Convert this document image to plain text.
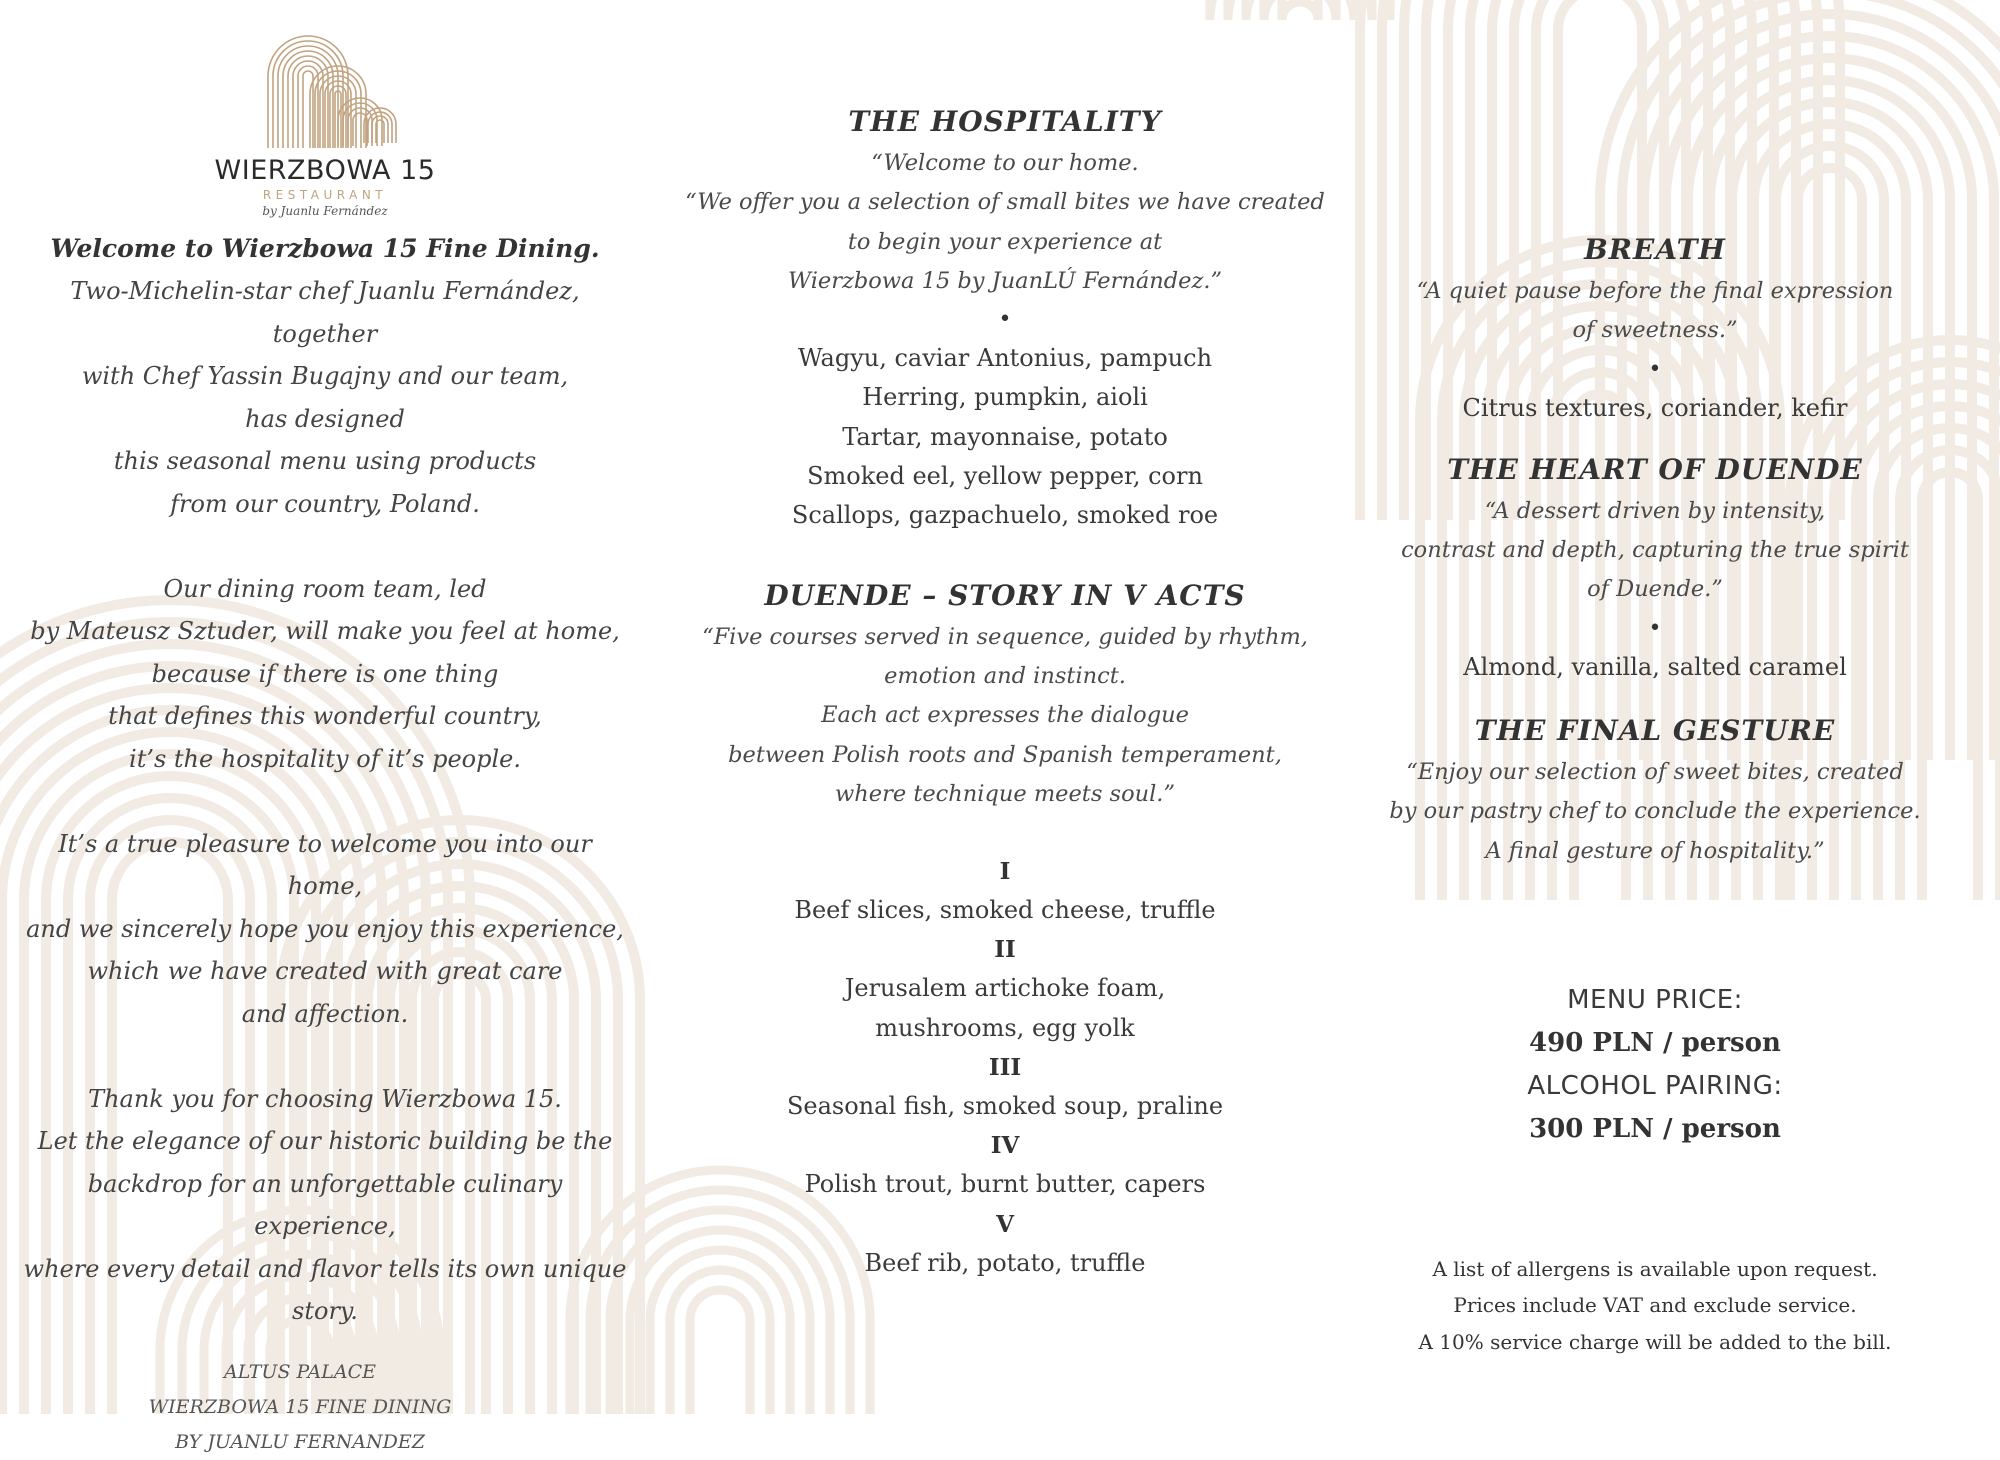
WIERZBOWA 15
RESTAURANT
by Juanlu Fernández

Welcome to Wierzbowa 15 Fine Dining.

Two-Michelin-star chef Juanlu Fernández, together
with Chef Yassin Bugajny and our team,
has designed
this seasonal menu using products
from our country, Poland.

Our dining room team, led
by Mateusz Sztuder, will make you feel at home,
because if there is one thing
that defines this wonderful country,
it’s the hospitality of it’s people.

It’s a true pleasure to welcome you into our home,
and we sincerely hope you enjoy this experience,
which we have created with great care
and affection.

Thank you for choosing Wierzbowa 15.
Let the elegance of our historic building be the
backdrop for an unforgettable culinary experience,
where every detail and flavor tells its own unique
story.

ALTUS PALACE
WIERZBOWA 15 FINE DINING
BY JUANLU FERNANDEZ

THE HOSPITALITY

“Welcome to our home.
“We offer you a selection of small bites we have created
to begin your experience at
Wierzbowa 15 by JuanLÚ Fernández.”

•
Wagyu, caviar Antonius, pampuch
Herring, pumpkin, aioli
Tartar, mayonnaise, potato
Smoked eel, yellow pepper, corn
Scallops, gazpachuelo, smoked roe
DUENDE – STORY IN V ACTS

“Five courses served in sequence, guided by rhythm,
emotion and instinct.
Each act expresses the dialogue
between Polish roots and Spanish temperament,
where technique meets soul.”

I
Beef slices, smoked cheese, truffle
II
Jerusalem artichoke foam,
mushrooms, egg yolk
III
Seasonal fish, smoked soup, praline
IV
Polish trout, burnt butter, capers
V
Beef rib, potato, truffle
BREATH

“A quiet pause before the final expression
of sweetness.”

•
Citrus textures, coriander, kefir
THE HEART OF DUENDE

“A dessert driven by intensity,
contrast and depth, capturing the true spirit
of Duende.”

•
Almond, vanilla, salted caramel
THE FINAL GESTURE

“Enjoy our selection of sweet bites, created
by our pastry chef to conclude the experience.
A final gesture of hospitality.”

MENU PRICE:
490 PLN / person
ALCOHOL PAIRING:
300 PLN / person
A list of allergens is available upon request.
Prices include VAT and exclude service.
A 10% service charge will be added to the bill.
